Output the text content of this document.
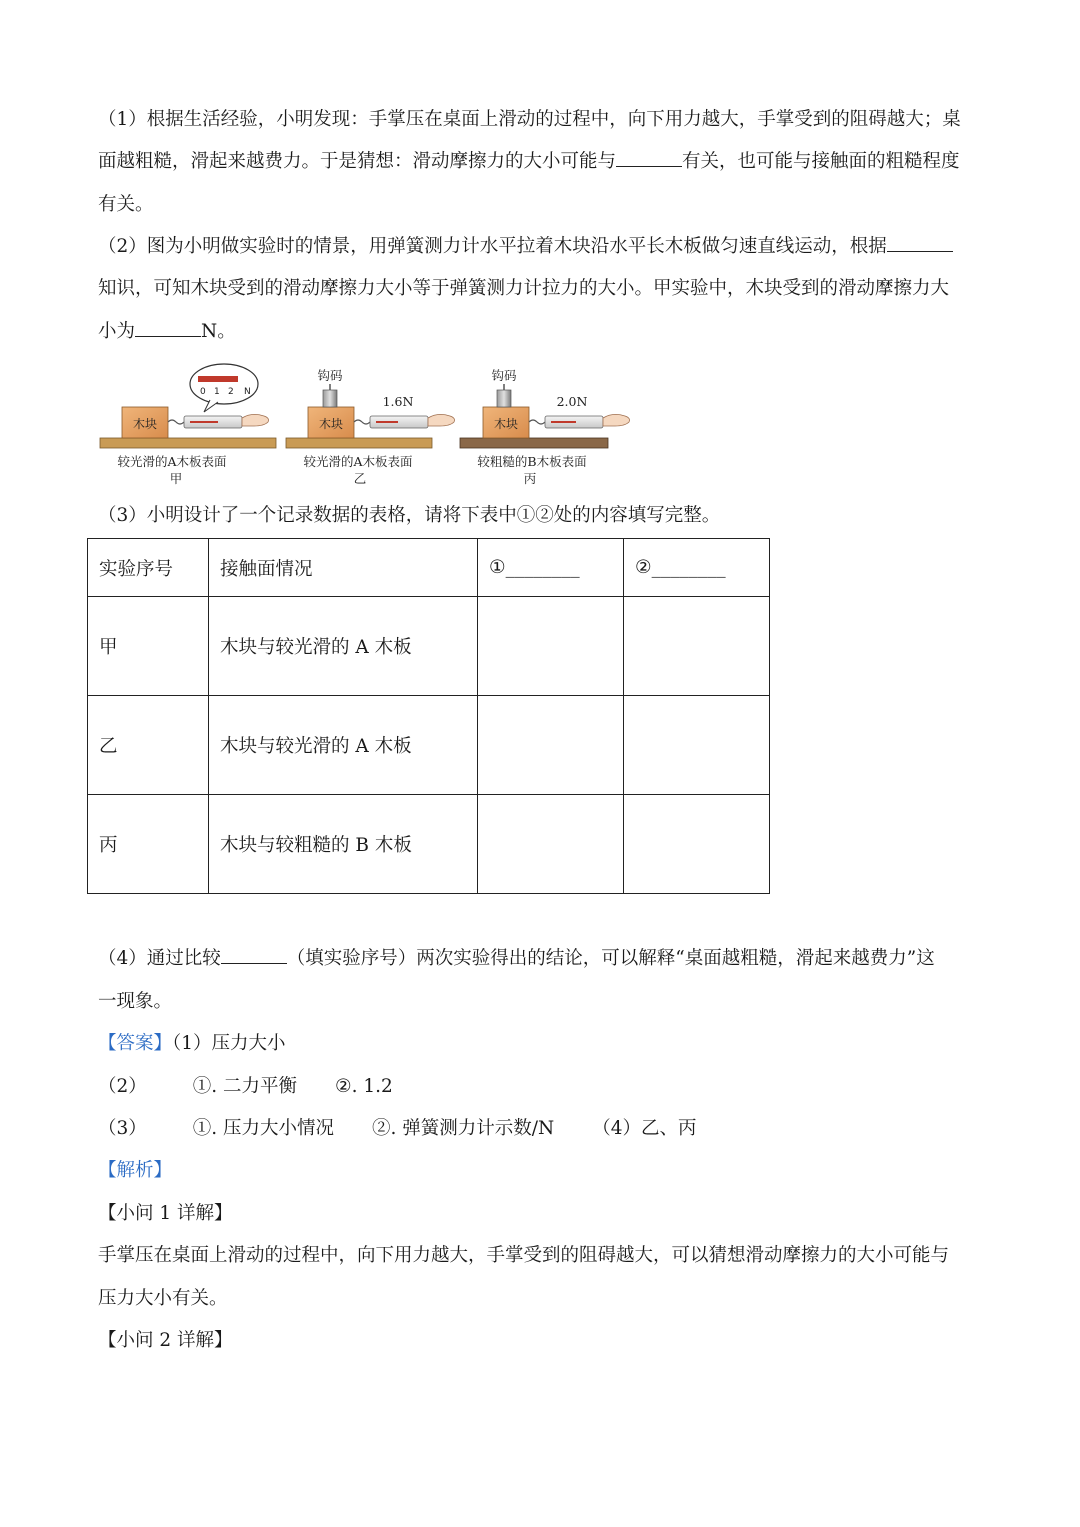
（1）根据生活经验，小明发现：手掌压在桌面上滑动的过程中，向下用力越大，手掌受到的阻碍越大；桌
面越粗糙，滑起来越费力。于是猜想：滑动摩擦力的大小可能与	有关，也可能与接触面的粗糙程度
有关。
（2）图为小明做实验时的情景，用弹簧测力计水平拉着木块沿水平长木板做匀速直线运动，根据
知识，可知木块受到的滑动摩擦力大小等于弹簧测力计拉力的大小。甲实验中，木块受到的滑动摩擦力大
小为	N。
木块
0 1 2 N
较光滑的A木板表面
甲
木块
钩码
1.6N
较光滑的A木板表面
乙
木块
钩码
2.0N
较粗糙的B木板表面
丙
（3）小明设计了一个记录数据的表格，请将下表中①②处的内容填写完整。
实验序号	接触面情况	①________	②________
甲	木块与较光滑的 A 木板		
乙	木块与较光滑的 A 木板		
丙	木块与较粗糙的 B 木板		
（4）通过比较	（填实验序号）两次实验得出的结论，可以解释“桌面越粗糙，滑起来越费力”这
一现象。
【答案】（1）压力大小
（2） ①. 二力平衡 ②. 1.2
（3） ①. 压力大小情况 ②. 弹簧测力计示数/N （4）乙、丙
【解析】
【小问 1 详解】
手掌压在桌面上滑动的过程中，向下用力越大，手掌受到的阻碍越大，可以猜想滑动摩擦力的大小可能与
压力大小有关。
【小问 2 详解】
